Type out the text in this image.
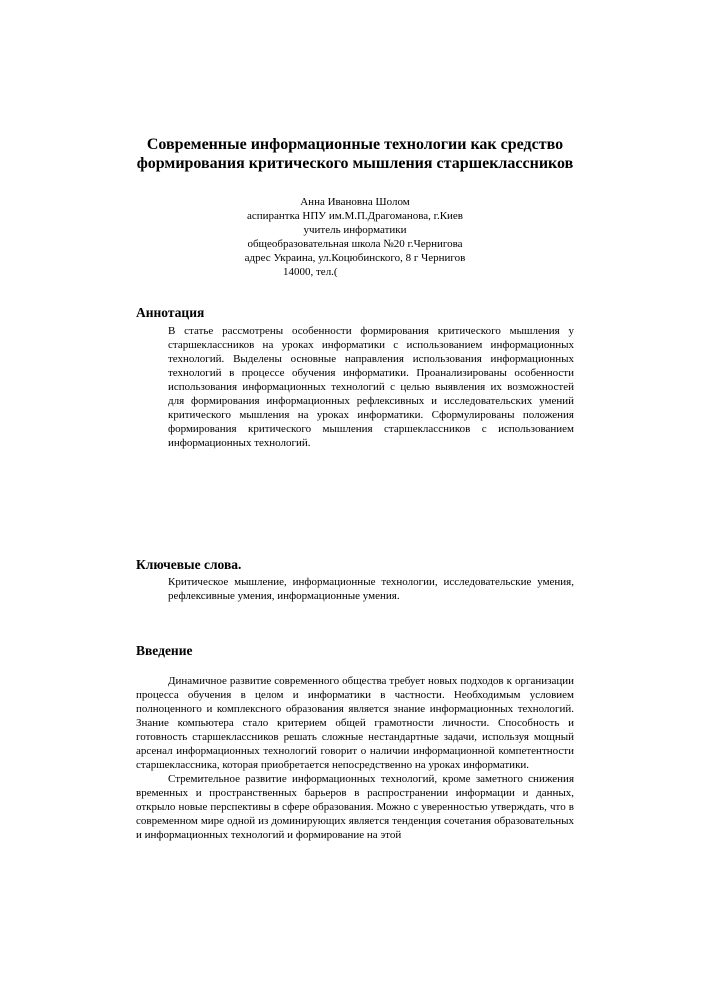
Современные информационные технологии как средство формирования критического мышления старшеклассников
Анна Ивановна Шолом
аспирантка НПУ им.М.П.Драгоманова, г.Киев
учитель информатики
общеобразовательная школа №20 г.Чернигова
адрес Украина, ул.Коцюбинского, 8 г Чернигов
14000, тел.(
Аннотация
В статье рассмотрены особенности формирования критического мышления у старшеклассников на уроках информатики с использованием информационных технологий. Выделены основные направления использования информационных технологий в процессе обучения информатики. Проанализированы особенности использования информационных технологий с целью выявления их возможностей для формирования информационных рефлексивных и исследовательских умений критического мышления на уроках информатики. Сформулированы положения формирования критического мышления старшеклассников с использованием информационных технологий.
Ключевые слова.
Критическое мышление, информационные технологии, исследовательские умения, рефлексивные умения, информационные умения.
Введение

Динамичное развитие современного общества требует новых подходов к организации процесса обучения в целом и информатики в частности. Необходимым условием полноценного и комплексного образования является знание информационных технологий. Знание компьютера стало критерием общей грамотности личности. Способность и готовность старшеклассников решать сложные нестандартные задачи, используя мощный арсенал информационных технологий говорит о наличии информационной компетентности старшеклассника, которая приобретается непосредственно на уроках информатики.

Стремительное развитие информационных технологий, кроме заметного снижения временных и пространственных барьеров в распространении информации и данных, открыло новые перспективы в сфере образования. Можно с уверенностью утверждать, что в современном мире одной из доминирующих является тенденция сочетания образовательных и информационных технологий и формирование на этой
